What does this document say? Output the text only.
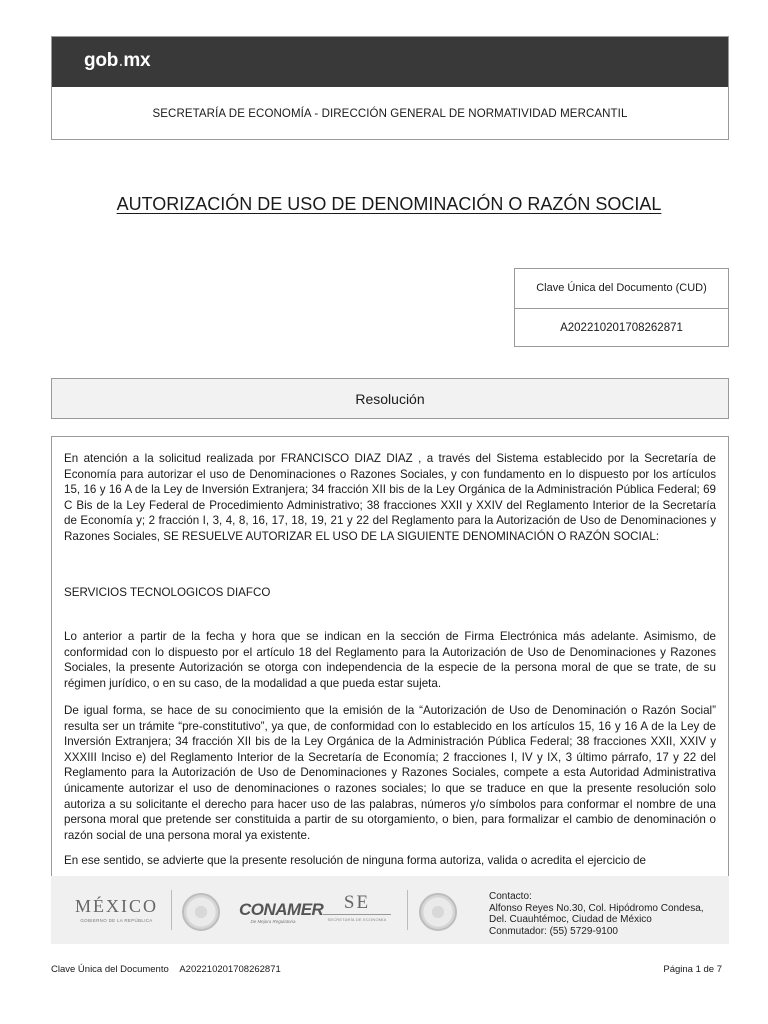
gob.mx
SECRETARÍA DE ECONOMÍA - DIRECCIÓN GENERAL DE NORMATIVIDAD MERCANTIL
AUTORIZACIÓN DE USO DE DENOMINACIÓN O RAZÓN SOCIAL
Clave Única del Documento (CUD)
A202210201708262871
Resolución

En atención a la solicitud realizada por FRANCISCO DIAZ DIAZ , a través del Sistema establecido por la Secretaría de Economía para autorizar el uso de Denominaciones o Razones Sociales, y con fundamento en lo dispuesto por los artículos 15, 16 y 16 A de la Ley de Inversión Extranjera; 34 fracción XII bis de la Ley Orgánica de la Administración Pública Federal; 69 C Bis de la Ley Federal de Procedimiento Administrativo; 38 fracciones XXII y XXIV del Reglamento Interior de la Secretaría de Economía y; 2 fracción I, 3, 4, 8, 16, 17, 18, 19, 21 y 22 del Reglamento para la Autorización de Uso de Denominaciones y Razones Sociales, SE RESUELVE AUTORIZAR EL USO DE LA SIGUIENTE DENOMINACIÓN O RAZÓN SOCIAL:

SERVICIOS TECNOLOGICOS DIAFCO

Lo anterior a partir de la fecha y hora que se indican en la sección de Firma Electrónica más adelante. Asimismo, de conformidad con lo dispuesto por el artículo 18 del Reglamento para la Autorización de Uso de Denominaciones y Razones Sociales, la presente Autorización se otorga con independencia de la especie de la persona moral de que se trate, de su régimen jurídico, o en su caso, de la modalidad a que pueda estar sujeta.

De igual forma, se hace de su conocimiento que la emisión de la “Autorización de Uso de Denominación o Razón Social” resulta ser un trámite “pre-constitutivo”, ya que, de conformidad con lo establecido en los artículos 15, 16 y 16 A de la Ley de Inversión Extranjera; 34 fracción XII bis de la Ley Orgánica de la Administración Pública Federal; 38 fracciones XXII, XXIV y XXXIII Inciso e) del Reglamento Interior de la Secretaría de Economía; 2 fracciones I, IV y IX, 3 último párrafo, 17 y 22 del Reglamento para la Autorización de Uso de Denominaciones y Razones Sociales, compete a esta Autoridad Administrativa únicamente autorizar el uso de denominaciones o razones sociales; lo que se traduce en que la presente resolución solo autoriza a su solicitante el derecho para hacer uso de las palabras, números y/o símbolos para conformar el nombre de una persona moral que pretende ser constituida a partir de su otorgamiento, o bien, para formalizar el cambio de denominación o razón social de una persona moral ya existente.

En ese sentido, se advierte que la presente resolución de ninguna forma autoriza, valida o acredita el ejercicio de

MÉXICO
GOBIERNO DE LA REPÚBLICA
CONAMER
De Mejora Regulatoria
SE
SECRETARÍA DE ECONOMÍA
Contacto:
Alfonso Reyes No.30, Col. Hipódromo Condesa,
Del. Cuauhtémoc, Ciudad de México
Conmutador: (55) 5729-9100
Clave Única del Documento A202210201708262871	Página 1 de 7
